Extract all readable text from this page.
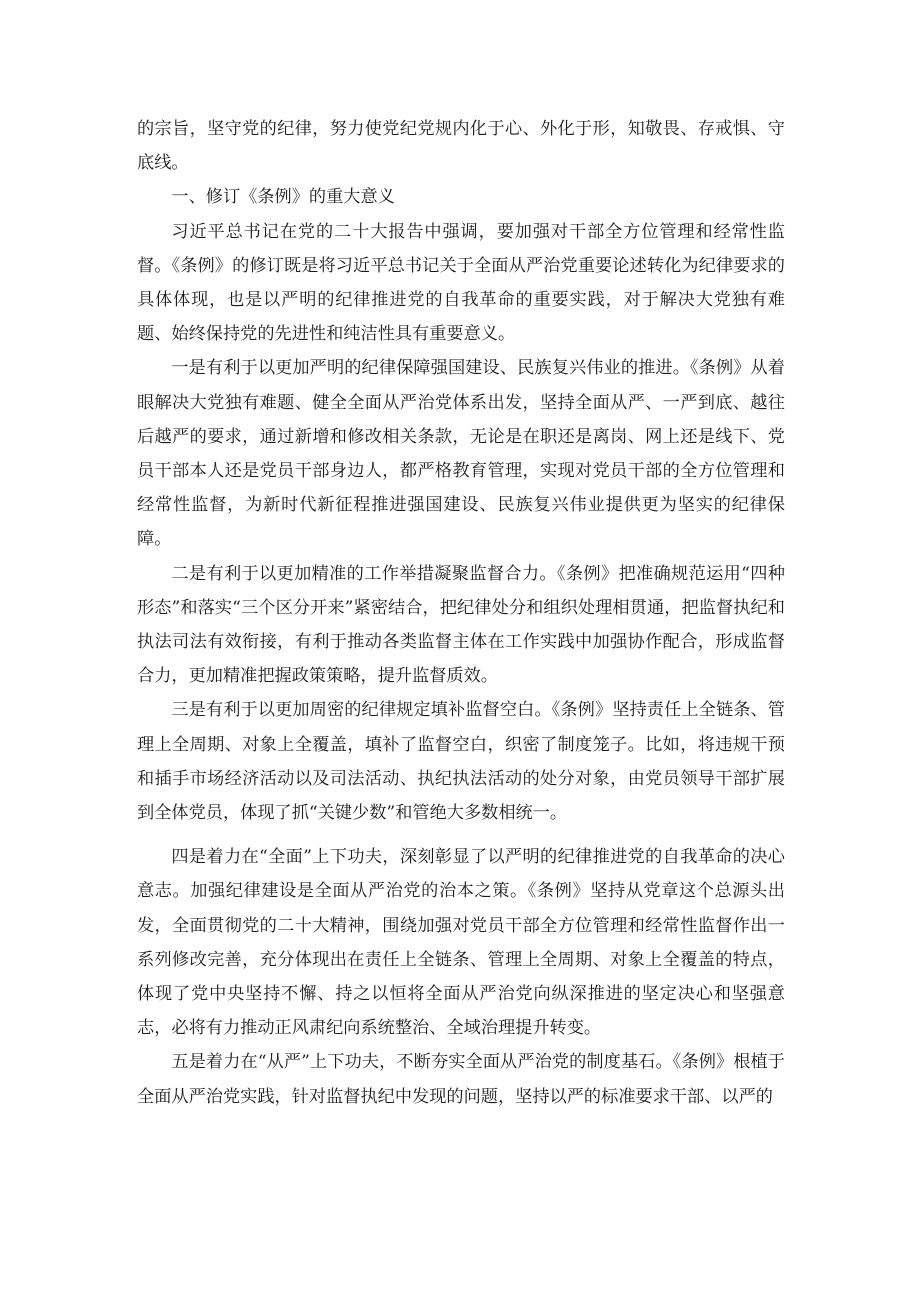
的宗旨，坚守党的纪律，努力使党纪党规内化于心、外化于形，知敬畏、存戒惧、守底线。

一、修订《条例》的重大意义

习近平总书记在党的二十大报告中强调，要加强对干部全方位管理和经常性监督。《条例》的修订既是将习近平总书记关于全面从严治党重要论述转化为纪律要求的具体体现，也是以严明的纪律推进党的自我革命的重要实践，对于解决大党独有难题、始终保持党的先进性和纯洁性具有重要意义。

一是有利于以更加严明的纪律保障强国建设、民族复兴伟业的推进。《条例》从着眼解决大党独有难题、健全全面从严治党体系出发，坚持全面从严、一严到底、越往后越严的要求，通过新增和修改相关条款，无论是在职还是离岗、网上还是线下、党员干部本人还是党员干部身边人，都严格教育管理，实现对党员干部的全方位管理和经常性监督，为新时代新征程推进强国建设、民族复兴伟业提供更为坚实的纪律保障。

二是有利于以更加精准的工作举措凝聚监督合力。《条例》把准确规范运用“四种形态”和落实“三个区分开来”紧密结合，把纪律处分和组织处理相贯通，把监督执纪和执法司法有效衔接，有利于推动各类监督主体在工作实践中加强协作配合，形成监督合力，更加精准把握政策策略，提升监督质效。

三是有利于以更加周密的纪律规定填补监督空白。《条例》坚持责任上全链条、管理上全周期、对象上全覆盖，填补了监督空白，织密了制度笼子。比如，将违规干预和插手市场经济活动以及司法活动、执纪执法活动的处分对象，由党员领导干部扩展到全体党员，体现了抓“关键少数”和管绝大多数相统一。

四是着力在“全面”上下功夫，深刻彰显了以严明的纪律推进党的自我革命的决心意志。加强纪律建设是全面从严治党的治本之策。《条例》坚持从党章这个总源头出发，全面贯彻党的二十大精神，围绕加强对党员干部全方位管理和经常性监督作出一系列修改完善，充分体现出在责任上全链条、管理上全周期、对象上全覆盖的特点，体现了党中央坚持不懈、持之以恒将全面从严治党向纵深推进的坚定决心和坚强意志，必将有力推动正风肃纪向系统整治、全域治理提升转变。

五是着力在“从严”上下功夫，不断夯实全面从严治党的制度基石。《条例》根植于全面从严治党实践，针对监督执纪中发现的问题，坚持以严的标准要求干部、以严的
